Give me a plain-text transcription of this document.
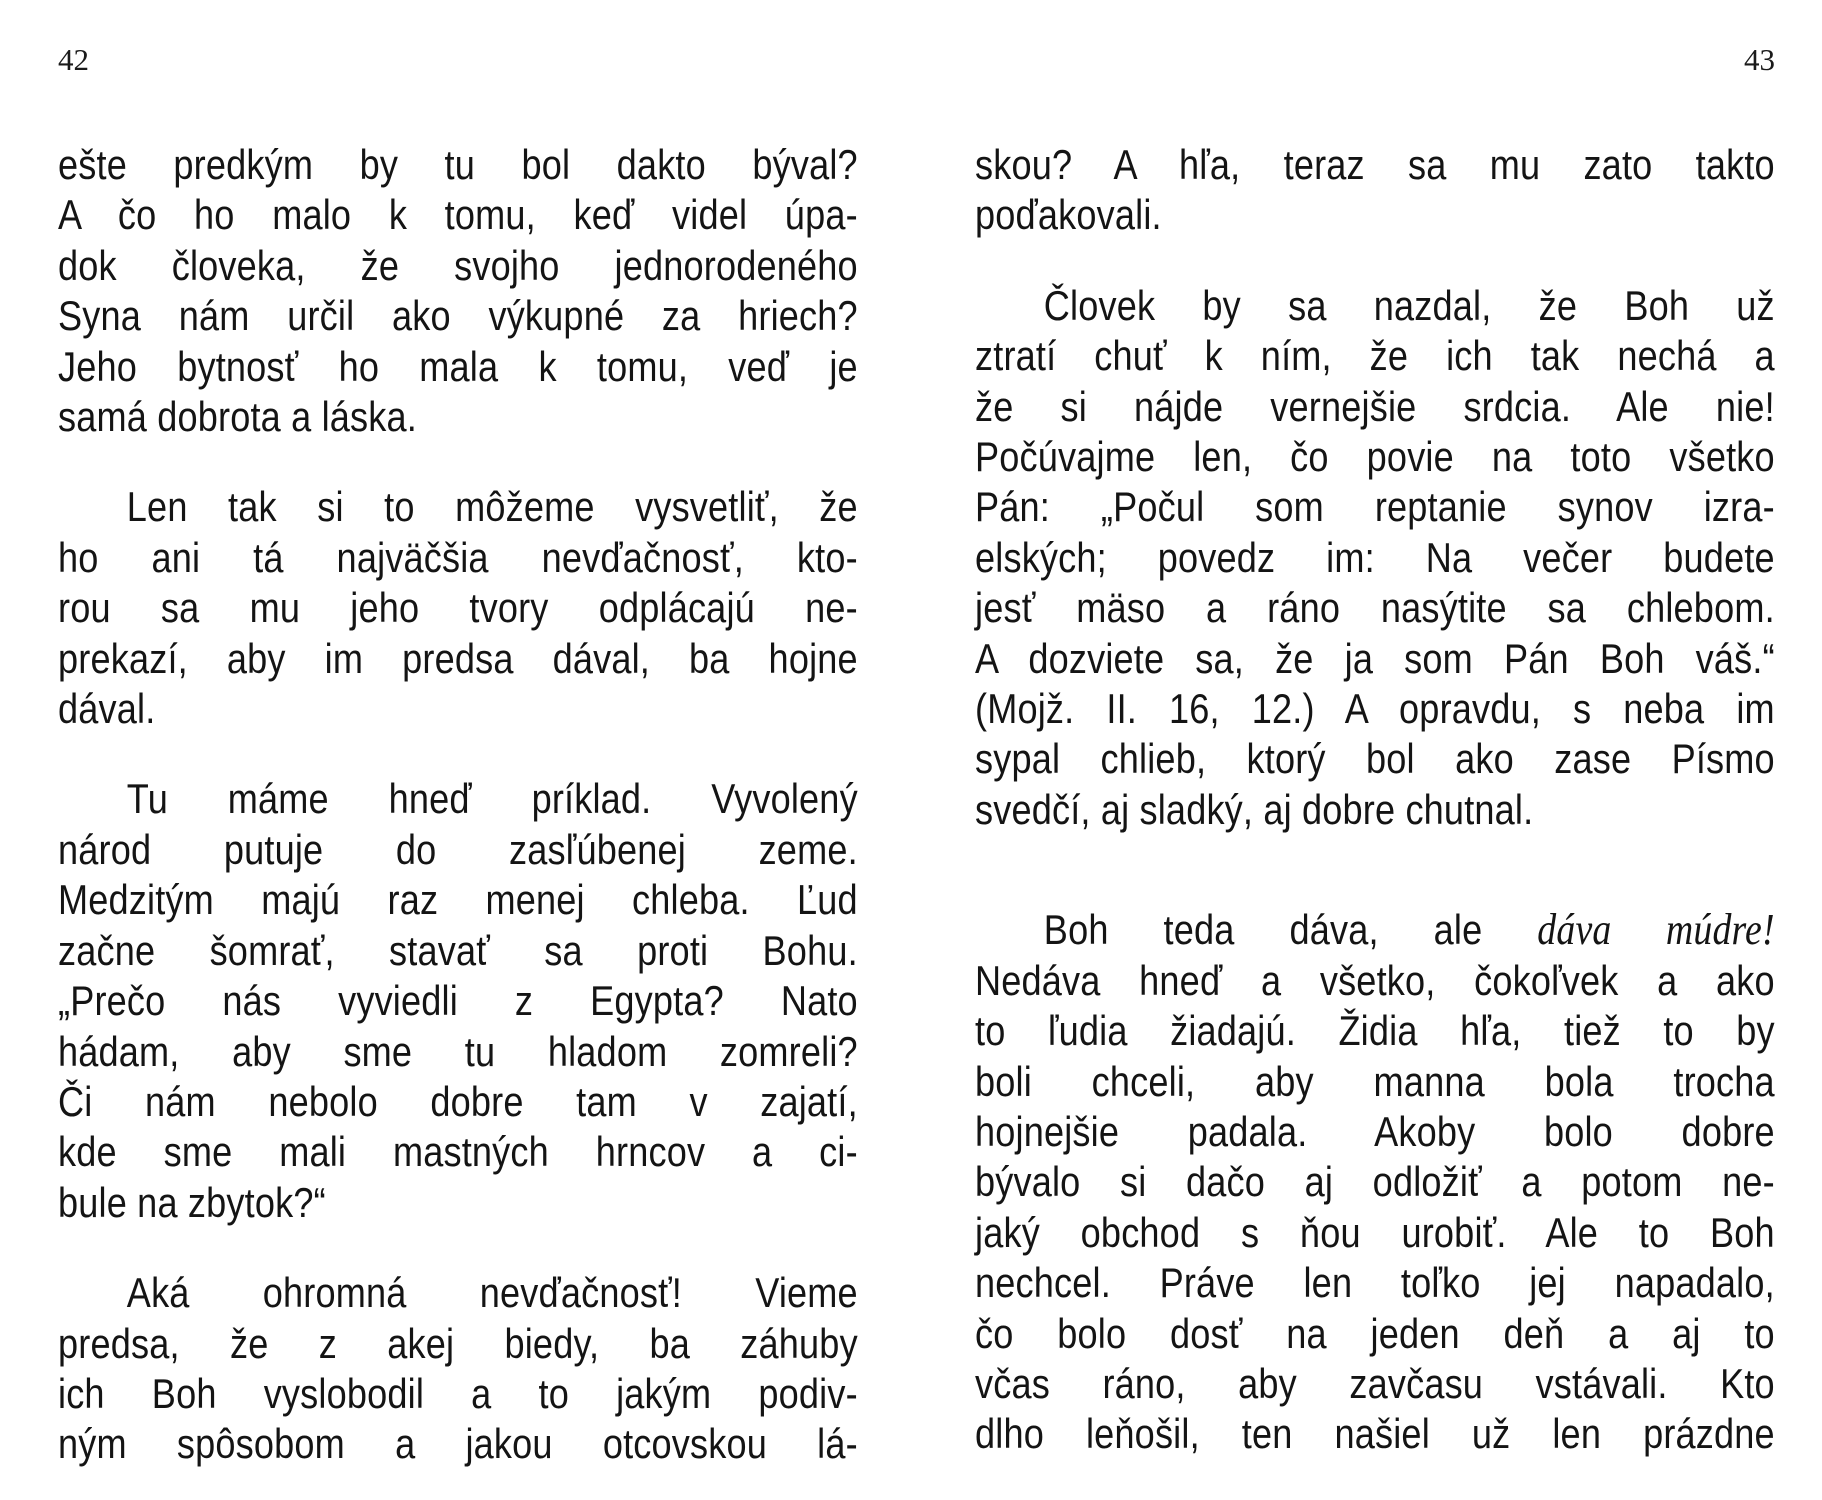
42

ešte predkým by tu bol dakto býval?
A čo ho malo k tomu, keď videl úpa-
dok človeka, že svojho jednorodeného
Syna nám určil ako výkupné za hriech?
Jeho bytnosť ho mala k tomu, veď je
samá dobrota a láska.

Len tak si to môžeme vysvetliť, že
ho ani tá najväčšia nevďačnosť, kto-
rou sa mu jeho tvory odplácajú ne-
prekazí, aby im predsa dával, ba hojne
dával.

Tu máme hneď príklad. Vyvolený
národ putuje do zasľúbenej zeme.
Medzitým majú raz menej chleba. Ľud
začne šomrať, stavať sa proti Bohu.
„Prečo nás vyviedli z Egypta? Nato
hádam, aby sme tu hladom zomreli?
Či nám nebolo dobre tam v zajatí,
kde sme mali mastných hrncov a ci-
bule na zbytok?“

Aká ohromná nevďačnosť! Vieme
predsa, že z akej biedy, ba záhuby
ich Boh vyslobodil a to jakým podiv-
ným spôsobom a jakou otcovskou lá-

43

skou? A hľa, teraz sa mu zato takto
poďakovali.

Človek by sa nazdal, že Boh už
ztratí chuť k ním, že ich tak nechá a
že si nájde vernejšie srdcia. Ale nie!
Počúvajme len, čo povie na toto všetko
Pán: „Počul som reptanie synov izra-
elských; povedz im: Na večer budete
jesť mäso a ráno nasýtite sa chlebom.
A dozviete sa, že ja som Pán Boh váš.“
(Mojž. II. 16, 12.) A opravdu, s neba im
sypal chlieb, ktorý bol ako zase Písmo
svedčí, aj sladký, aj dobre chutnal.

Boh teda dáva, ale dáva múdre!
Nedáva hneď a všetko, čokoľvek a ako
to ľudia žiadajú. Židia hľa, tiež to by
boli chceli, aby manna bola trocha
hojnejšie padala. Akoby bolo dobre
bývalo si dačo aj odložiť a potom ne-
jaký obchod s ňou urobiť. Ale to Boh
nechcel. Práve len toľko jej napadalo,
čo bolo dosť na jeden deň a aj to
včas ráno, aby zavčasu vstávali. Kto
dlho leňošil, ten našiel už len prázdne
